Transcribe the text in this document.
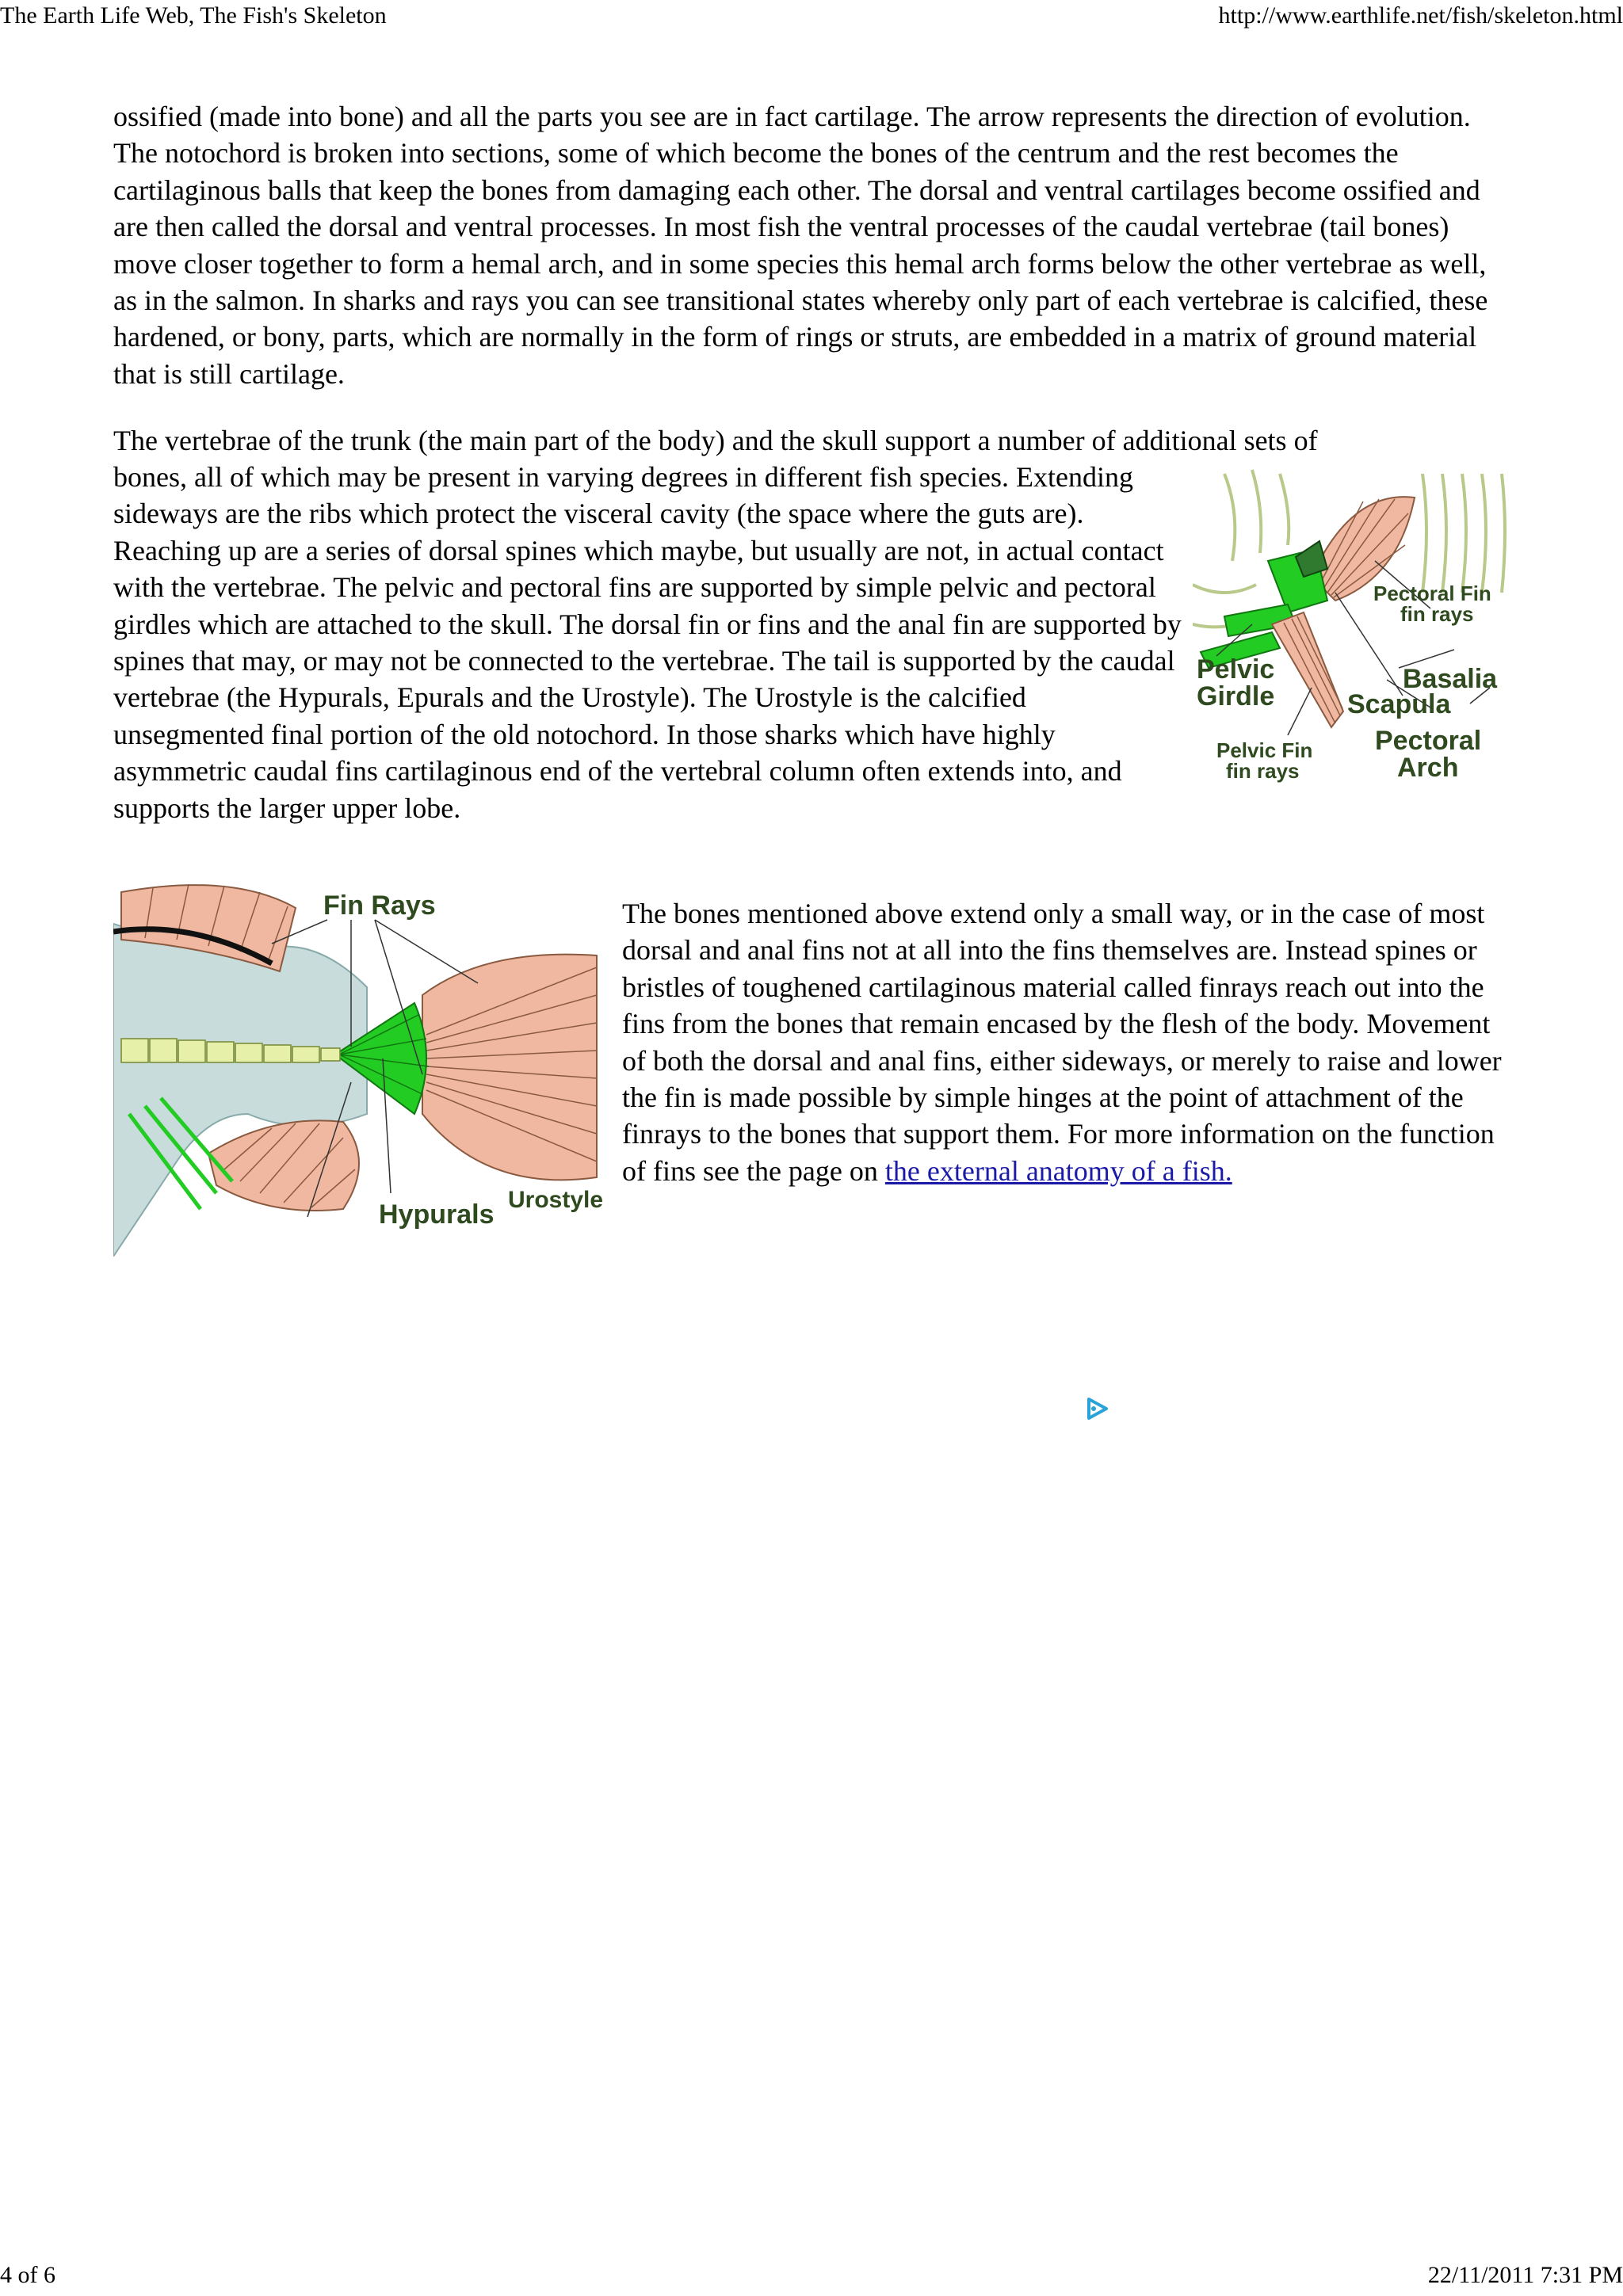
The Earth Life Web, The Fish's Skeleton	http://www.earthlife.net/fish/skeleton.html

ossified (made into bone) and all the parts you see are in fact cartilage. The arrow represents the direction of evolution. The notochord is broken into sections, some of which become the bones of the centrum and the rest becomes the cartilaginous balls that keep the bones from damaging each other. The dorsal and ventral cartilages become ossified and are then called the dorsal and ventral processes. In most fish the ventral processes of the caudal vertebrae (tail bones) move closer together to form a hemal arch, and in some species this hemal arch forms below the other vertebrae as well, as in the salmon. In sharks and rays you can see transitional states whereby only part of each vertebrae is calcified, these hardened, or bony, parts, which are normally in the form of rings or struts, are embedded in a matrix of ground material that is still cartilage.

The vertebrae of the trunk (the main part of the body) and the skull support a number of additional sets of

bones, all of which may be present in varying degrees in different fish species. Extending sideways are the ribs which protect the visceral cavity (the space where the guts are). Reaching up are a series of dorsal spines which maybe, but usually are not, in actual contact with the vertebrae. The pelvic and pectoral fins are supported by simple pelvic and pectoral girdles which are attached to the skull. The dorsal fin or fins and the anal fin are supported by spines that may, or may not be connected to the vertebrae. The tail is supported by the caudal vertebrae (the Hypurals, Epurals and the Urostyle). The Urostyle is the calcified unsegmented final portion of the old notochord. In those sharks which have highly asymmetric caudal fins cartilaginous end of the vertebral column often extends into, and supports the larger upper lobe.

Pectoral Fin
fin rays
Basalia
Scapula
Pelvic
Girdle
Pelvic Fin
fin rays
Pectoral
Arch
Fin Rays
Hypurals Urostyle

The bones mentioned above extend only a small way, or in the case of most dorsal and anal fins not at all into the fins themselves are. Instead spines or bristles of toughened cartilaginous material called finrays reach out into the fins from the bones that remain encased by the flesh of the body. Movement of both the dorsal and anal fins, either sideways, or merely to raise and lower the fin is made possible by simple hinges at the point of attachment of the finrays to the bones that support them. For more information on the function of fins see the page on the external anatomy of a fish.

4 of 6	22/11/2011 7:31 PM
